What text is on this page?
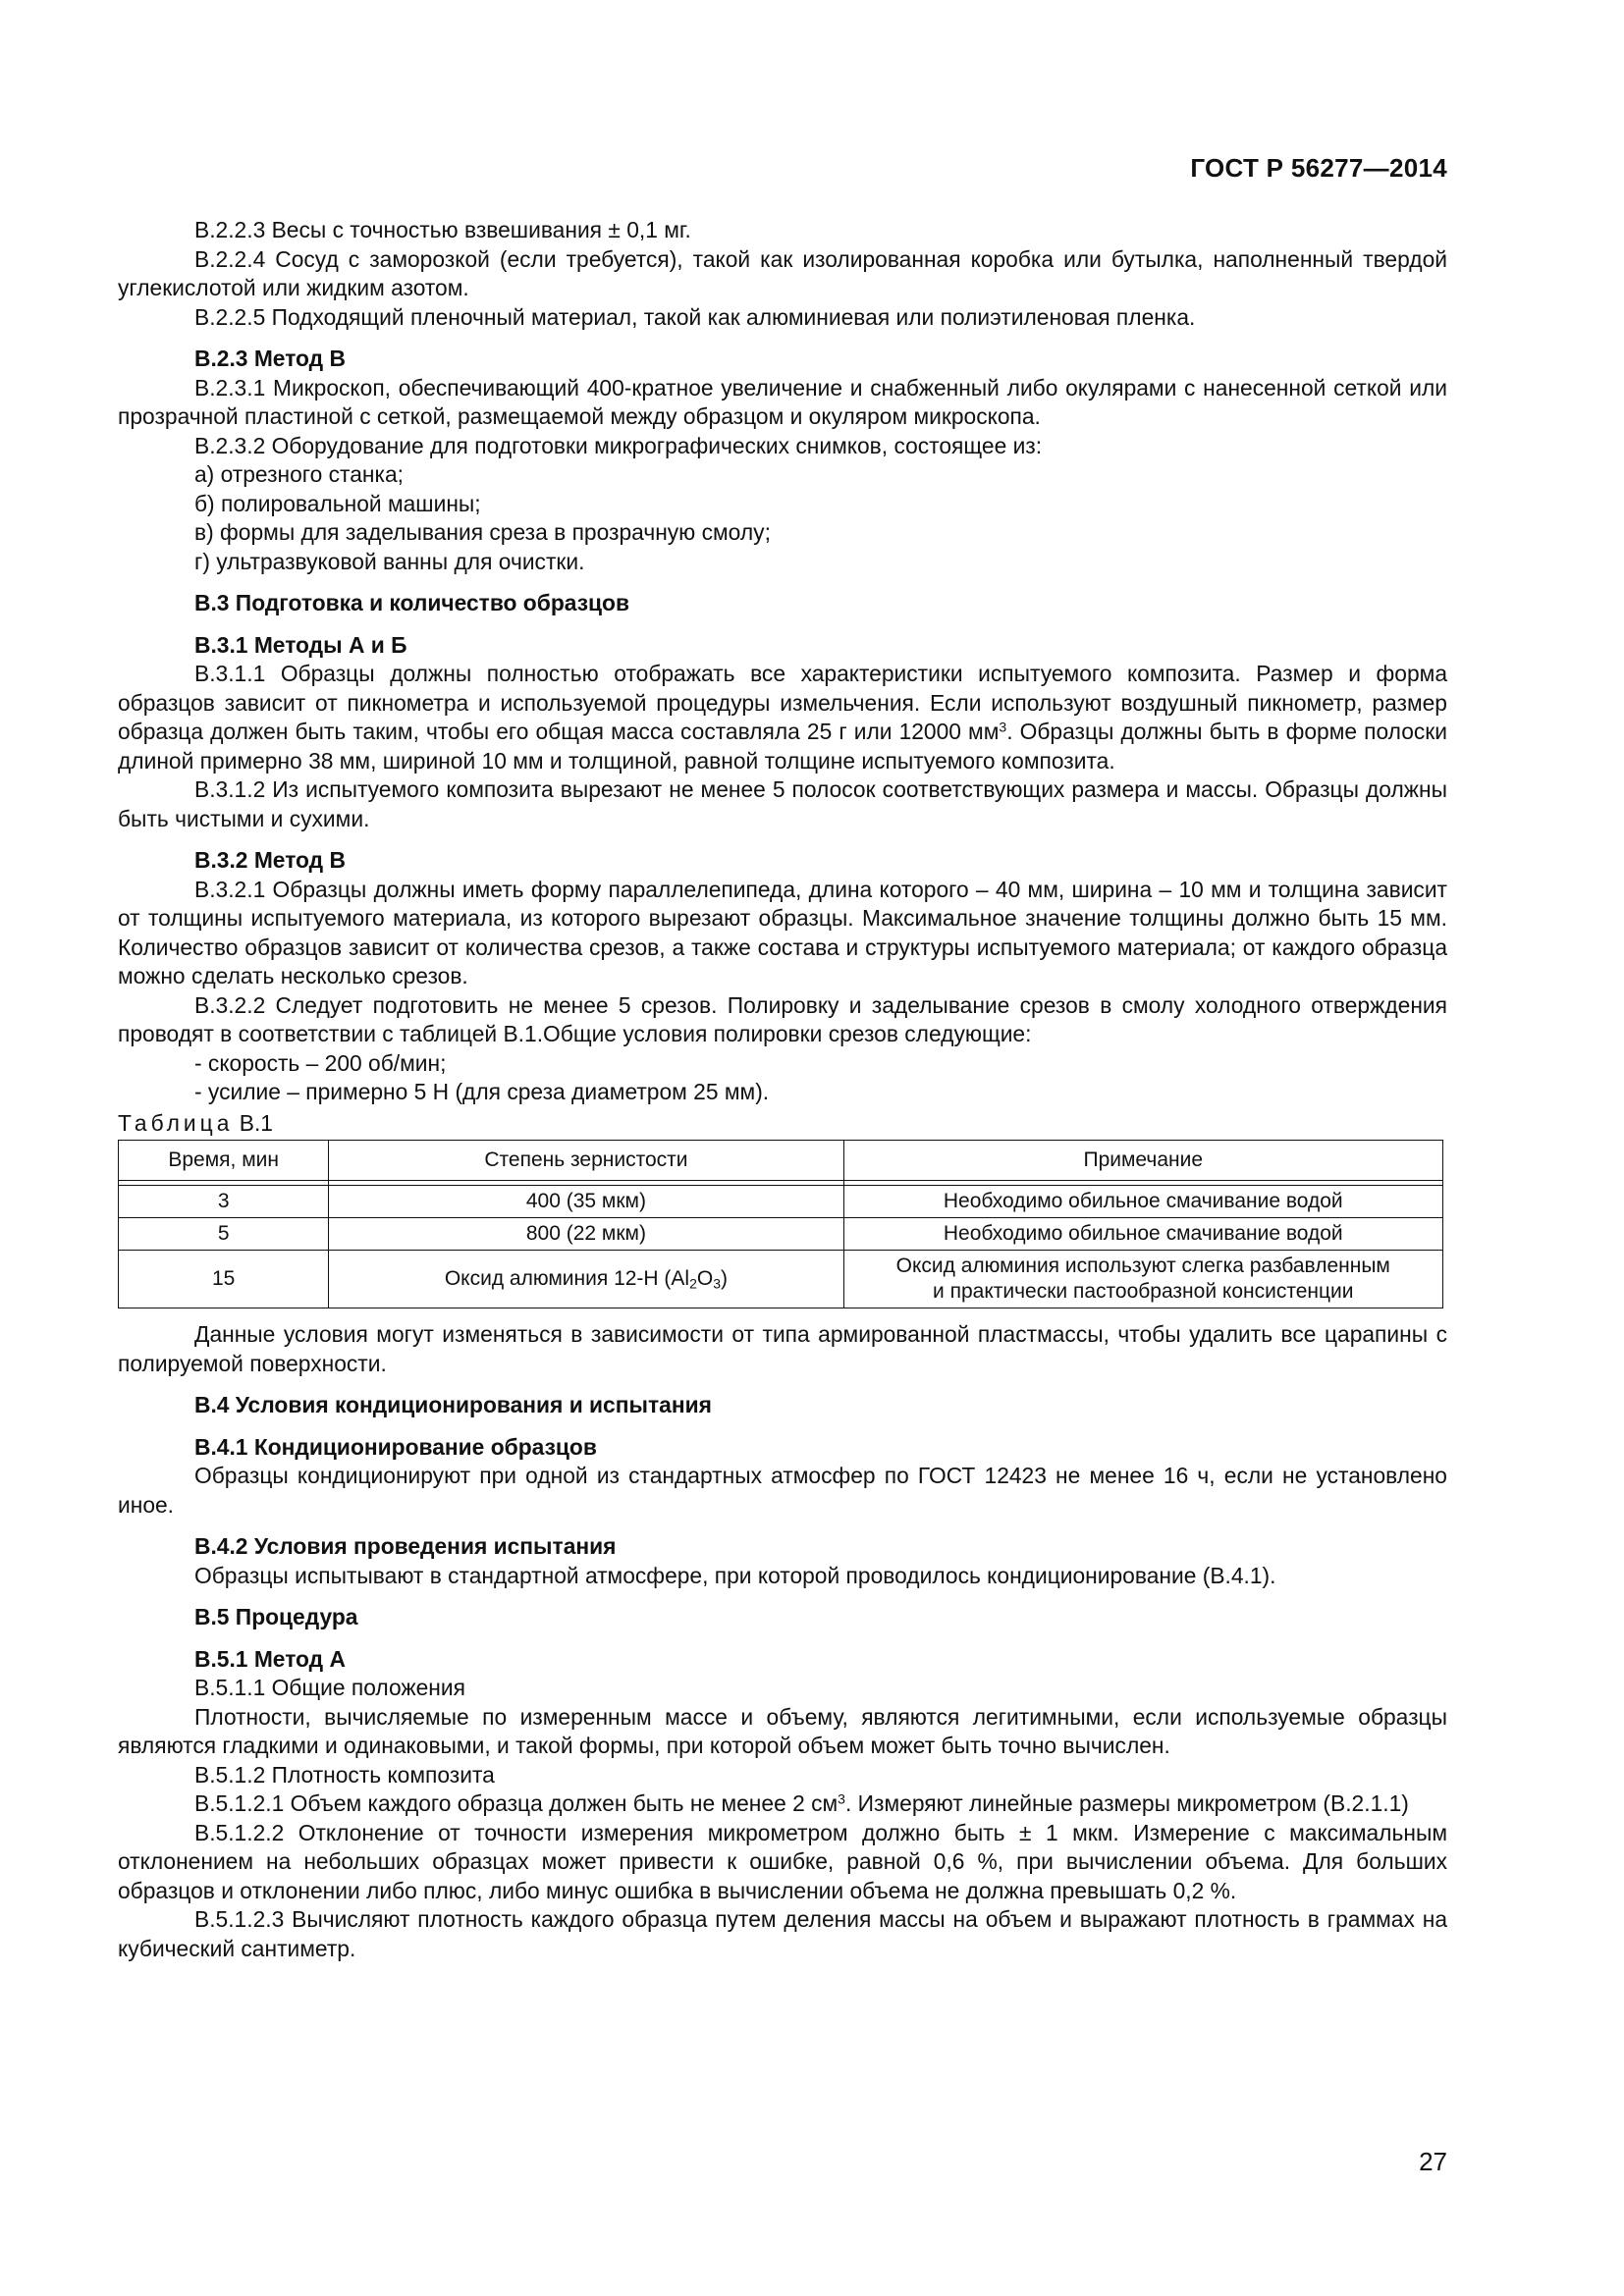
ГОСТ Р 56277—2014

В.2.2.3 Весы с точностью взвешивания ± 0,1 мг.

В.2.2.4 Сосуд с заморозкой (если требуется), такой как изолированная коробка или бутылка, наполненный твердой углекислотой или жидким азотом.

В.2.2.5 Подходящий пленочный материал, такой как алюминиевая или полиэтиленовая пленка.

В.2.3 Метод В

В.2.3.1 Микроскоп, обеспечивающий 400-кратное увеличение и снабженный либо окулярами с нанесенной сеткой или прозрачной пластиной с сеткой, размещаемой между образцом и окуляром микроскопа.

В.2.3.2 Оборудование для подготовки микрографических снимков, состоящее из:

а) отрезного станка;

б) полировальной машины;

в) формы для заделывания среза в прозрачную смолу;

г) ультразвуковой ванны для очистки.

В.3 Подготовка и количество образцов

В.3.1 Методы А и Б

В.3.1.1 Образцы должны полностью отображать все характеристики испытуемого композита. Размер и форма образцов зависит от пикнометра и используемой процедуры измельчения. Если используют воздушный пикнометр, размер образца должен быть таким, чтобы его общая масса составляла 25 г или 12000 $мм^3$. Образцы должны быть в форме полоски длиной примерно 38 мм, шириной 10 мм и толщиной, равной толщине испытуемого композита.

В.3.1.2 Из испытуемого композита вырезают не менее 5 полосок соответствующих размера и массы. Образцы должны быть чистыми и сухими.

В.3.2 Метод В

В.3.2.1 Образцы должны иметь форму параллелепипеда, длина которого – 40 мм, ширина – 10 мм и толщина зависит от толщины испытуемого материала, из которого вырезают образцы. Максимальное значение толщины должно быть 15 мм. Количество образцов зависит от количества срезов, а также состава и структуры испытуемого материала; от каждого образца можно сделать несколько срезов.

В.3.2.2 Следует подготовить не менее 5 срезов. Полировку и заделывание срезов в смолу холодного отверждения проводят в соответствии с таблицей В.1.Общие условия полировки срезов следующие:

- скорость – 200 об/мин;

- усилие – примерно 5 Н (для среза диаметром 25 мм).

Таблица В.1

Время, мин	Степень зернистости	Примечание

3	400 (35 мкм)	Необходимо обильное смачивание водой
5	800 (22 мкм)	Необходимо обильное смачивание водой
15	Оксид алюминия 12-Н $(Al_2O_3)$	Оксид алюминия используют слегка разбавленным
и практически пастообразной консистенции

Данные условия могут изменяться в зависимости от типа армированной пластмассы, чтобы удалить все царапины с полируемой поверхности.

В.4 Условия кондиционирования и испытания

В.4.1 Кондиционирование образцов

Образцы кондиционируют при одной из стандартных атмосфер по ГОСТ 12423 не менее 16 ч, если не установлено иное.

В.4.2 Условия проведения испытания

Образцы испытывают в стандартной атмосфере, при которой проводилось кондиционирование (В.4.1).

В.5 Процедура

В.5.1 Метод А

В.5.1.1 Общие положения

Плотности, вычисляемые по измеренным массе и объему, являются легитимными, если используемые образцы являются гладкими и одинаковыми, и такой формы, при которой объем может быть точно вычислен.

В.5.1.2 Плотность композита

В.5.1.2.1 Объем каждого образца должен быть не менее 2 $см^3$. Измеряют линейные размеры микрометром (В.2.1.1)

В.5.1.2.2 Отклонение от точности измерения микрометром должно быть ± 1 мкм. Измерение с максимальным отклонением на небольших образцах может привести к ошибке, равной 0,6 %, при вычислении объема. Для больших образцов и отклонении либо плюс, либо минус ошибка в вычислении объема не должна превышать 0,2 %.

В.5.1.2.3 Вычисляют плотность каждого образца путем деления массы на объем и выражают плотность в граммах на кубический сантиметр.

27
